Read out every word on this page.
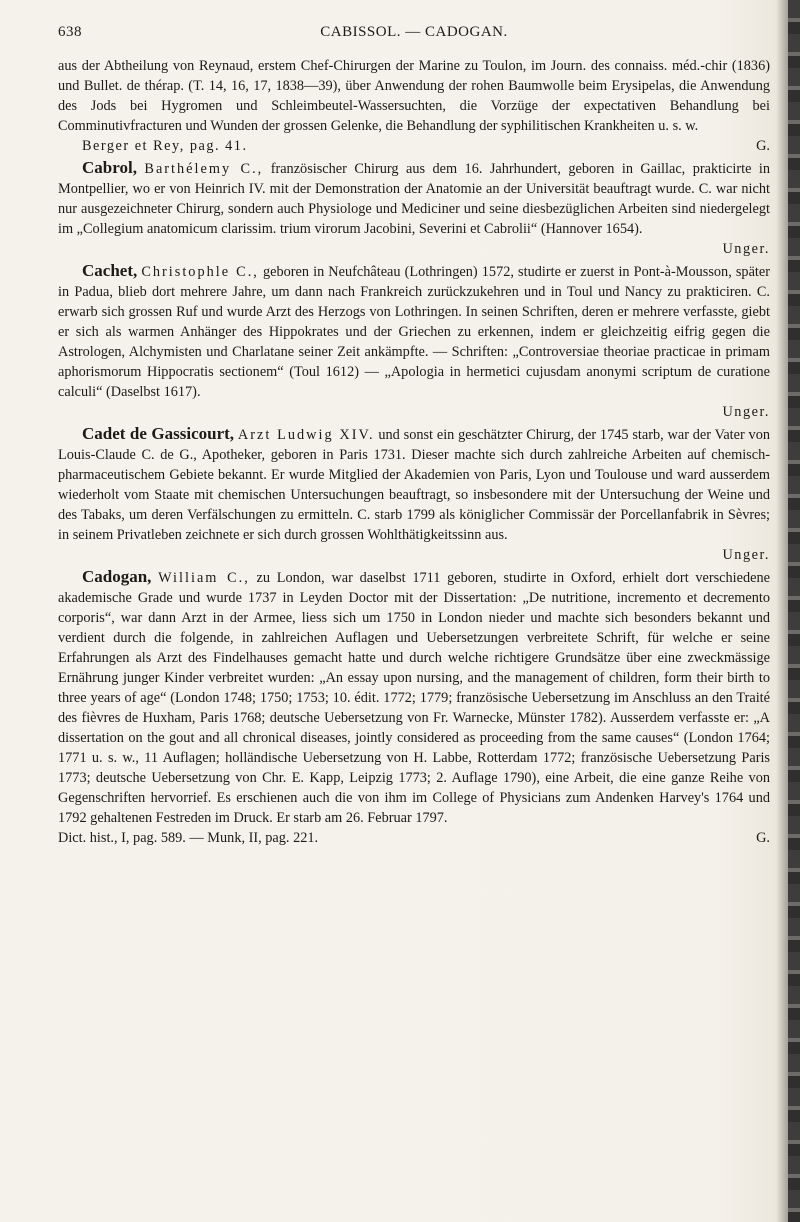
638	CABISSOL. — CADOGAN.

aus der Abtheilung von Reynaud, erstem Chef-Chirurgen der Marine zu Toulon, im Journ. des connaiss. méd.-chir (1836) und Bullet. de thérap. (T. 14, 16, 17, 1838—39), über Anwendung der rohen Baumwolle beim Erysipelas, die Anwendung des Jods bei Hygromen und Schleimbeutel-Wassersuchten, die Vorzüge der expectativen Behandlung bei Comminutivfracturen und Wunden der grossen Gelenke, die Behandlung der syphilitischen Krankheiten u. s. w.

Berger et Rey, pag. 41.	G.

Cabrol, Barthélemy C., französischer Chirurg aus dem 16. Jahrhundert, geboren in Gaillac, prakticirte in Montpellier, wo er von Heinrich IV. mit der Demonstration der Anatomie an der Universität beauftragt wurde. C. war nicht nur ausgezeichneter Chirurg, sondern auch Physiologe und Mediciner und seine diesbezüglichen Arbeiten sind niedergelegt im „Collegium anatomicum clarissim. trium virorum Jacobini, Severini et Cabrolii“ (Hannover 1654).

Unger.

Cachet, Christophle C., geboren in Neufchâteau (Lothringen) 1572, studirte er zuerst in Pont-à-Mousson, später in Padua, blieb dort mehrere Jahre, um dann nach Frankreich zurückzukehren und in Toul und Nancy zu prakticiren. C. erwarb sich grossen Ruf und wurde Arzt des Herzogs von Lothringen. In seinen Schriften, deren er mehrere verfasste, giebt er sich als warmen Anhänger des Hippokrates und der Griechen zu erkennen, indem er gleichzeitig eifrig gegen die Astrologen, Alchymisten und Charlatane seiner Zeit ankämpfte. — Schriften: „Controversiae theoriae practicae in primam aphorismorum Hippocratis sectionem“ (Toul 1612) — „Apologia in hermetici cujusdam anonymi scriptum de curatione calculi“ (Daselbst 1617).

Unger.

Cadet de Gassicourt, Arzt Ludwig XIV. und sonst ein geschätzter Chirurg, der 1745 starb, war der Vater von Louis-Claude C. de G., Apotheker, geboren in Paris 1731. Dieser machte sich durch zahlreiche Arbeiten auf chemisch-pharmaceutischem Gebiete bekannt. Er wurde Mitglied der Akademien von Paris, Lyon und Toulouse und ward ausserdem wiederholt vom Staate mit chemischen Untersuchungen beauftragt, so insbesondere mit der Untersuchung der Weine und des Tabaks, um deren Verfälschungen zu ermitteln. C. starb 1799 als königlicher Commissär der Porcellanfabrik in Sèvres; in seinem Privatleben zeichnete er sich durch grossen Wohlthätigkeitssinn aus.

Unger.

Cadogan, William C., zu London, war daselbst 1711 geboren, studirte in Oxford, erhielt dort verschiedene akademische Grade und wurde 1737 in Leyden Doctor mit der Dissertation: „De nutritione, incremento et decremento corporis“, war dann Arzt in der Armee, liess sich um 1750 in London nieder und machte sich besonders bekannt und verdient durch die folgende, in zahlreichen Auflagen und Uebersetzungen verbreitete Schrift, für welche er seine Erfahrungen als Arzt des Findelhauses gemacht hatte und durch welche richtigere Grundsätze über eine zweckmässige Ernährung junger Kinder verbreitet wurden: „An essay upon nursing, and the management of children, form their birth to three years of age“ (London 1748; 1750; 1753; 10. édit. 1772; 1779; französische Uebersetzung im Anschluss an den Traité des fièvres de Huxham, Paris 1768; deutsche Uebersetzung von Fr. Warnecke, Münster 1782). Ausserdem verfasste er: „A dissertation on the gout and all chronical diseases, jointly considered as proceeding from the same causes“ (London 1764; 1771 u. s. w., 11 Auflagen; holländische Uebersetzung von H. Labbe, Rotterdam 1772; französische Uebersetzung Paris 1773; deutsche Uebersetzung von Chr. E. Kapp, Leipzig 1773; 2. Auflage 1790), eine Arbeit, die eine ganze Reihe von Gegenschriften hervorrief. Es erschienen auch die von ihm im College of Physicians zum Andenken Harvey's 1764 und 1792 gehaltenen Festreden im Druck. Er starb am 26. Februar 1797.

Dict. hist., I, pag. 589. — Munk, II, pag. 221.	G.
